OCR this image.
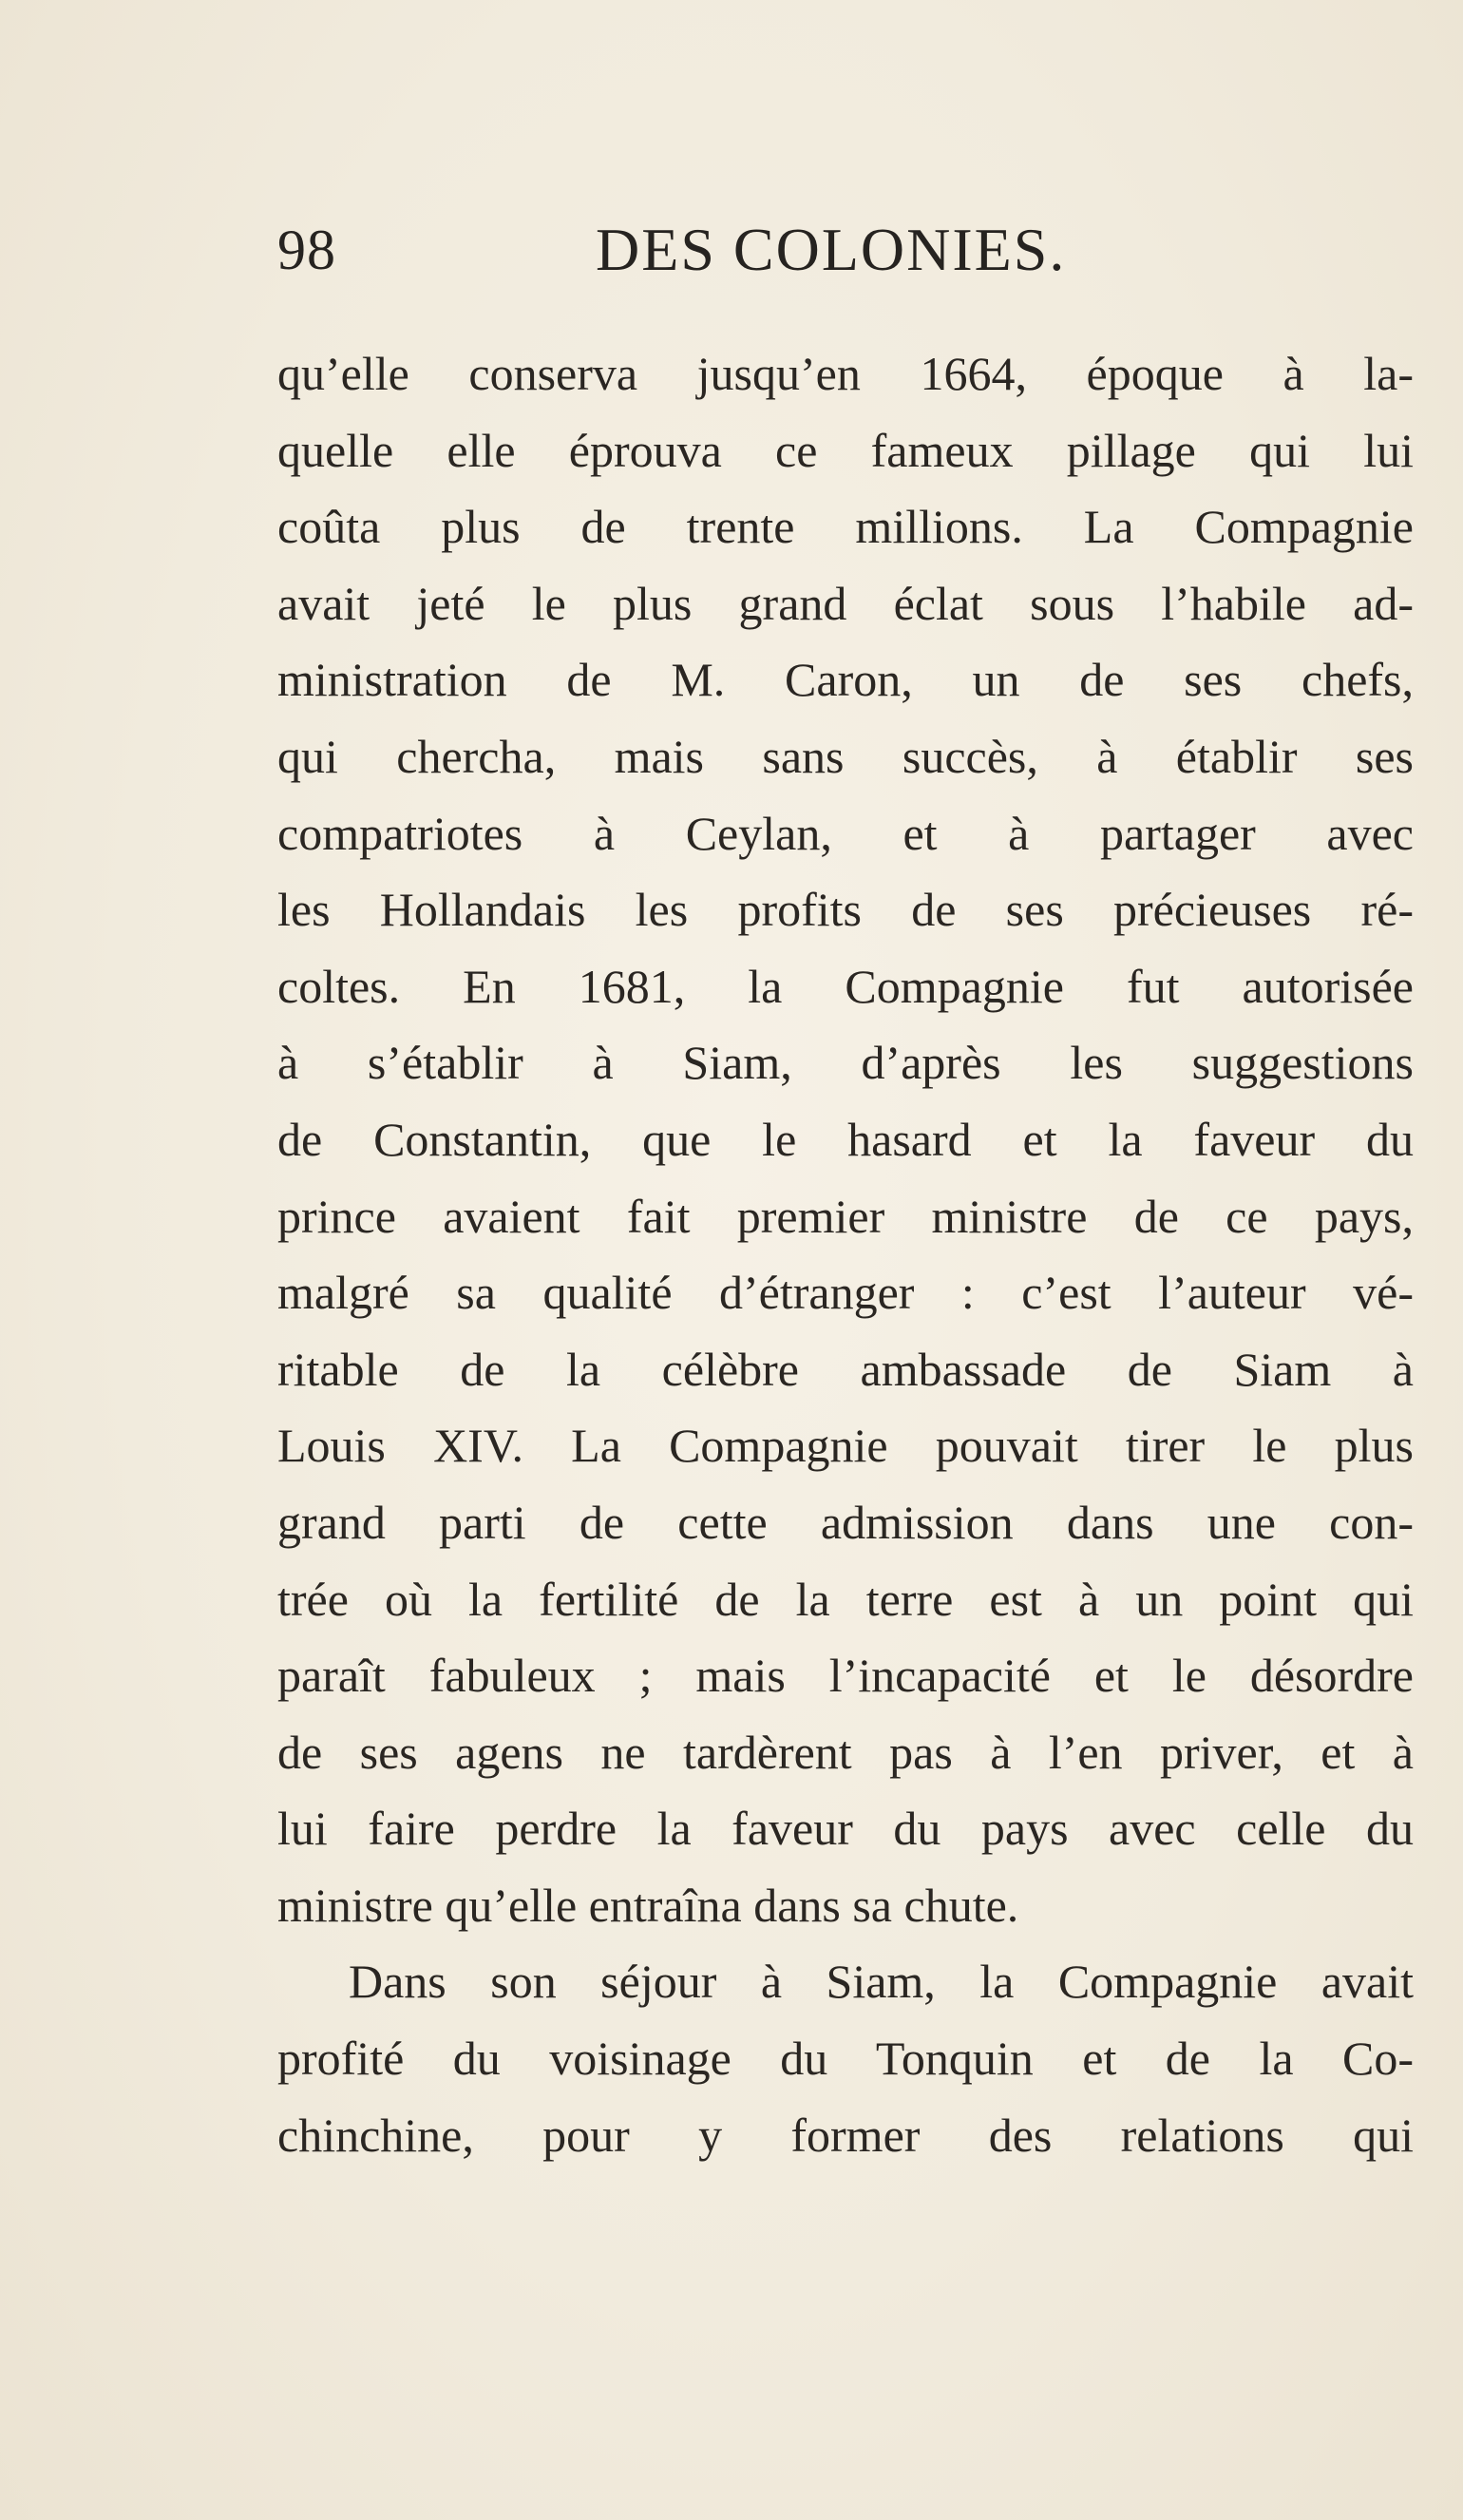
98	DES COLONIES.
qu’elle conserva jusqu’en 1664, époque à la-
quelle elle éprouva ce fameux pillage qui lui
coûta plus de trente millions. La Compagnie
avait jeté le plus grand éclat sous l’habile ad-
ministration de M. Caron, un de ses chefs,
qui chercha, mais sans succès, à établir ses
compatriotes à Ceylan, et à partager avec
les Hollandais les profits de ses précieuses ré-
coltes. En 1681, la Compagnie fut autorisée
à s’établir à Siam, d’après les suggestions
de Constantin, que le hasard et la faveur du
prince avaient fait premier ministre de ce pays,
malgré sa qualité d’étranger : c’est l’auteur vé-
ritable de la célèbre ambassade de Siam à
Louis XIV. La Compagnie pouvait tirer le plus
grand parti de cette admission dans une con-
trée où la fertilité de la terre est à un point qui
paraît fabuleux ; mais l’incapacité et le désordre
de ses agens ne tardèrent pas à l’en priver, et à
lui faire perdre la faveur du pays avec celle du
ministre qu’elle entraîna dans sa chute.
Dans son séjour à Siam, la Compagnie avait
profité du voisinage du Tonquin et de la Co-
chinchine, pour y former des relations qui
